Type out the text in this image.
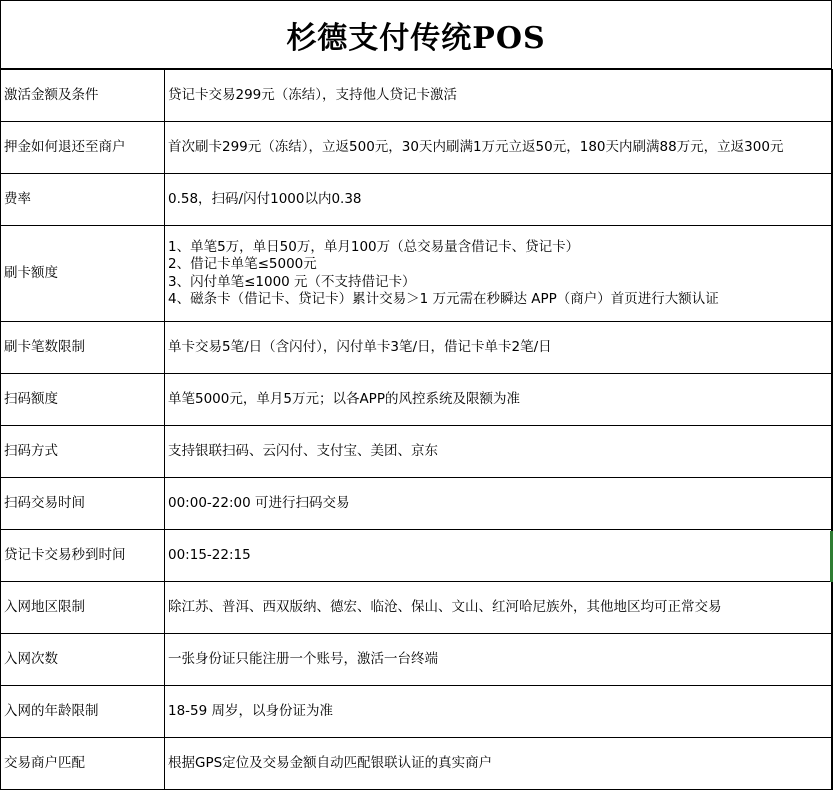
杉德支付传统POS
激活金额及条件	贷记卡交易299元（冻结），支持他人贷记卡激活
押金如何退还至商户	首次刷卡299元（冻结），立返500元，30天内刷满1万元立返50元，180天内刷满88万元，立返300元
费率	0.58，扫码/闪付1000以内0.38
刷卡额度	1、单笔5万，单日50万，单月100万（总交易量含借记卡、贷记卡）
2、借记卡单笔≤5000元
3、闪付单笔≤1000 元（不支持借记卡）
4、磁条卡（借记卡、贷记卡）累计交易＞1 万元需在秒瞬达 APP（商户）首页进行大额认证

刷卡笔数限制	单卡交易5笔/日（含闪付），闪付单卡3笔/日，借记卡单卡2笔/日
扫码额度	单笔5000元，单月5万元；以各APP的风控系统及限额为准
扫码方式	支持银联扫码、云闪付、支付宝、美团、京东
扫码交易时间	00:00-22:00 可进行扫码交易
贷记卡交易秒到时间	00:15-22:15
入网地区限制	除江苏、普洱、西双版纳、德宏、临沧、保山、文山、红河哈尼族外，其他地区均可正常交易
入网次数	一张身份证只能注册一个账号，激活一台终端
入网的年龄限制	18-59 周岁，以身份证为准
交易商户匹配	根据GPS定位及交易金额自动匹配银联认证的真实商户
